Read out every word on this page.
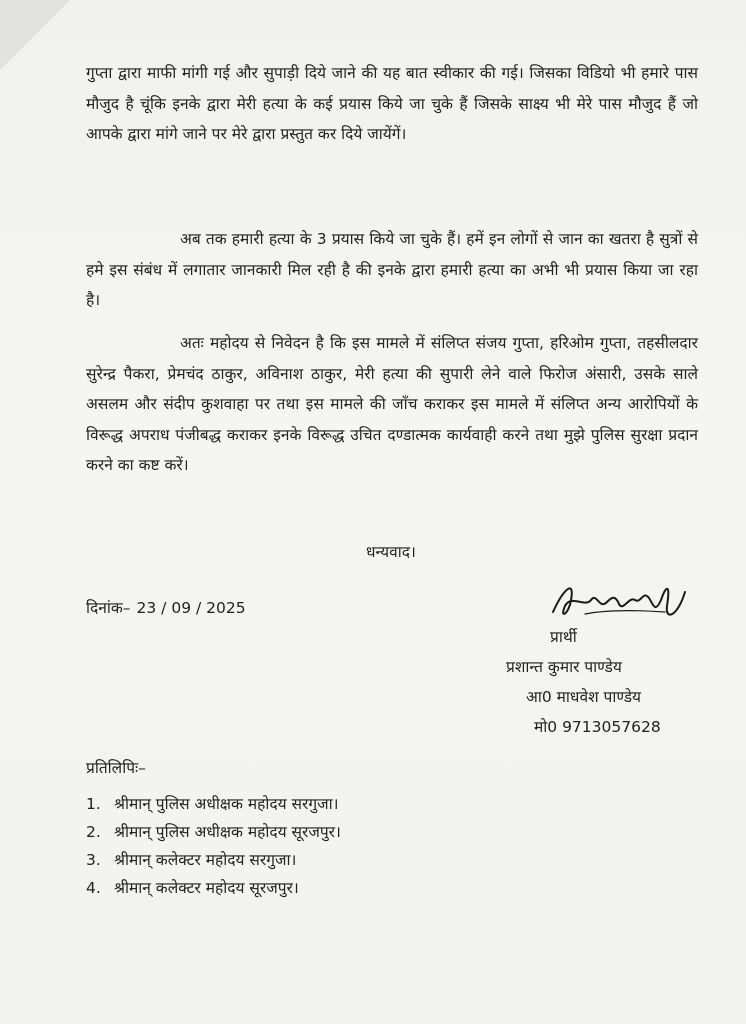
गुप्ता द्वारा माफी मांगी गई और सुपाड़ी दिये जाने की यह बात स्वीकार की गई। जिसका विडियो भी हमारे पास मौजुद है चूंकि इनके द्वारा मेरी हत्या के कई प्रयास किये जा चुके हैं जिसके साक्ष्य भी मेरे पास मौजुद हैं जो आपके द्वारा मांगे जाने पर मेरे द्वारा प्रस्तुत कर दिये जायेंगें।

अब तक हमारी हत्या के 3 प्रयास किये जा चुके हैं। हमें इन लोगों से जान का खतरा है सुत्रों से हमे इस संबंध में लगातार जानकारी मिल रही है की इनके द्वारा हमारी हत्या का अभी भी प्रयास किया जा रहा है।

अतः महोदय से निवेदन है कि इस मामले में संलिप्त संजय गुप्ता, हरिओम गुप्ता, तहसीलदार सुरेन्द्र पैकरा, प्रेमचंद ठाकुर, अविनाश ठाकुर, मेरी हत्या की सुपारी लेने वाले फिरोज अंसारी, उसके साले असलम और संदीप कुशवाहा पर तथा इस मामले की जाँच कराकर इस मामले में संलिप्त अन्य आरोपियों के विरूद्ध अपराध पंजीबद्ध कराकर इनके विरूद्ध उचित दण्डात्मक कार्यवाही करने तथा मुझे पुलिस सुरक्षा प्रदान करने का कष्ट करें।

धन्यवाद।
दिनांक– 23 / 09 / 2025
प्रार्थी
प्रशान्त कुमार पाण्डेय
आ0 माधवेश पाण्डेय
मो0 9713057628
प्रतिलिपिः–
1. श्रीमान् पुलिस अधीक्षक महोदय सरगुजा।
2. श्रीमान् पुलिस अधीक्षक महोदय सूरजपुर।
3. श्रीमान् कलेक्टर महोदय सरगुजा।
4. श्रीमान् कलेक्टर महोदय सूरजपुर।
